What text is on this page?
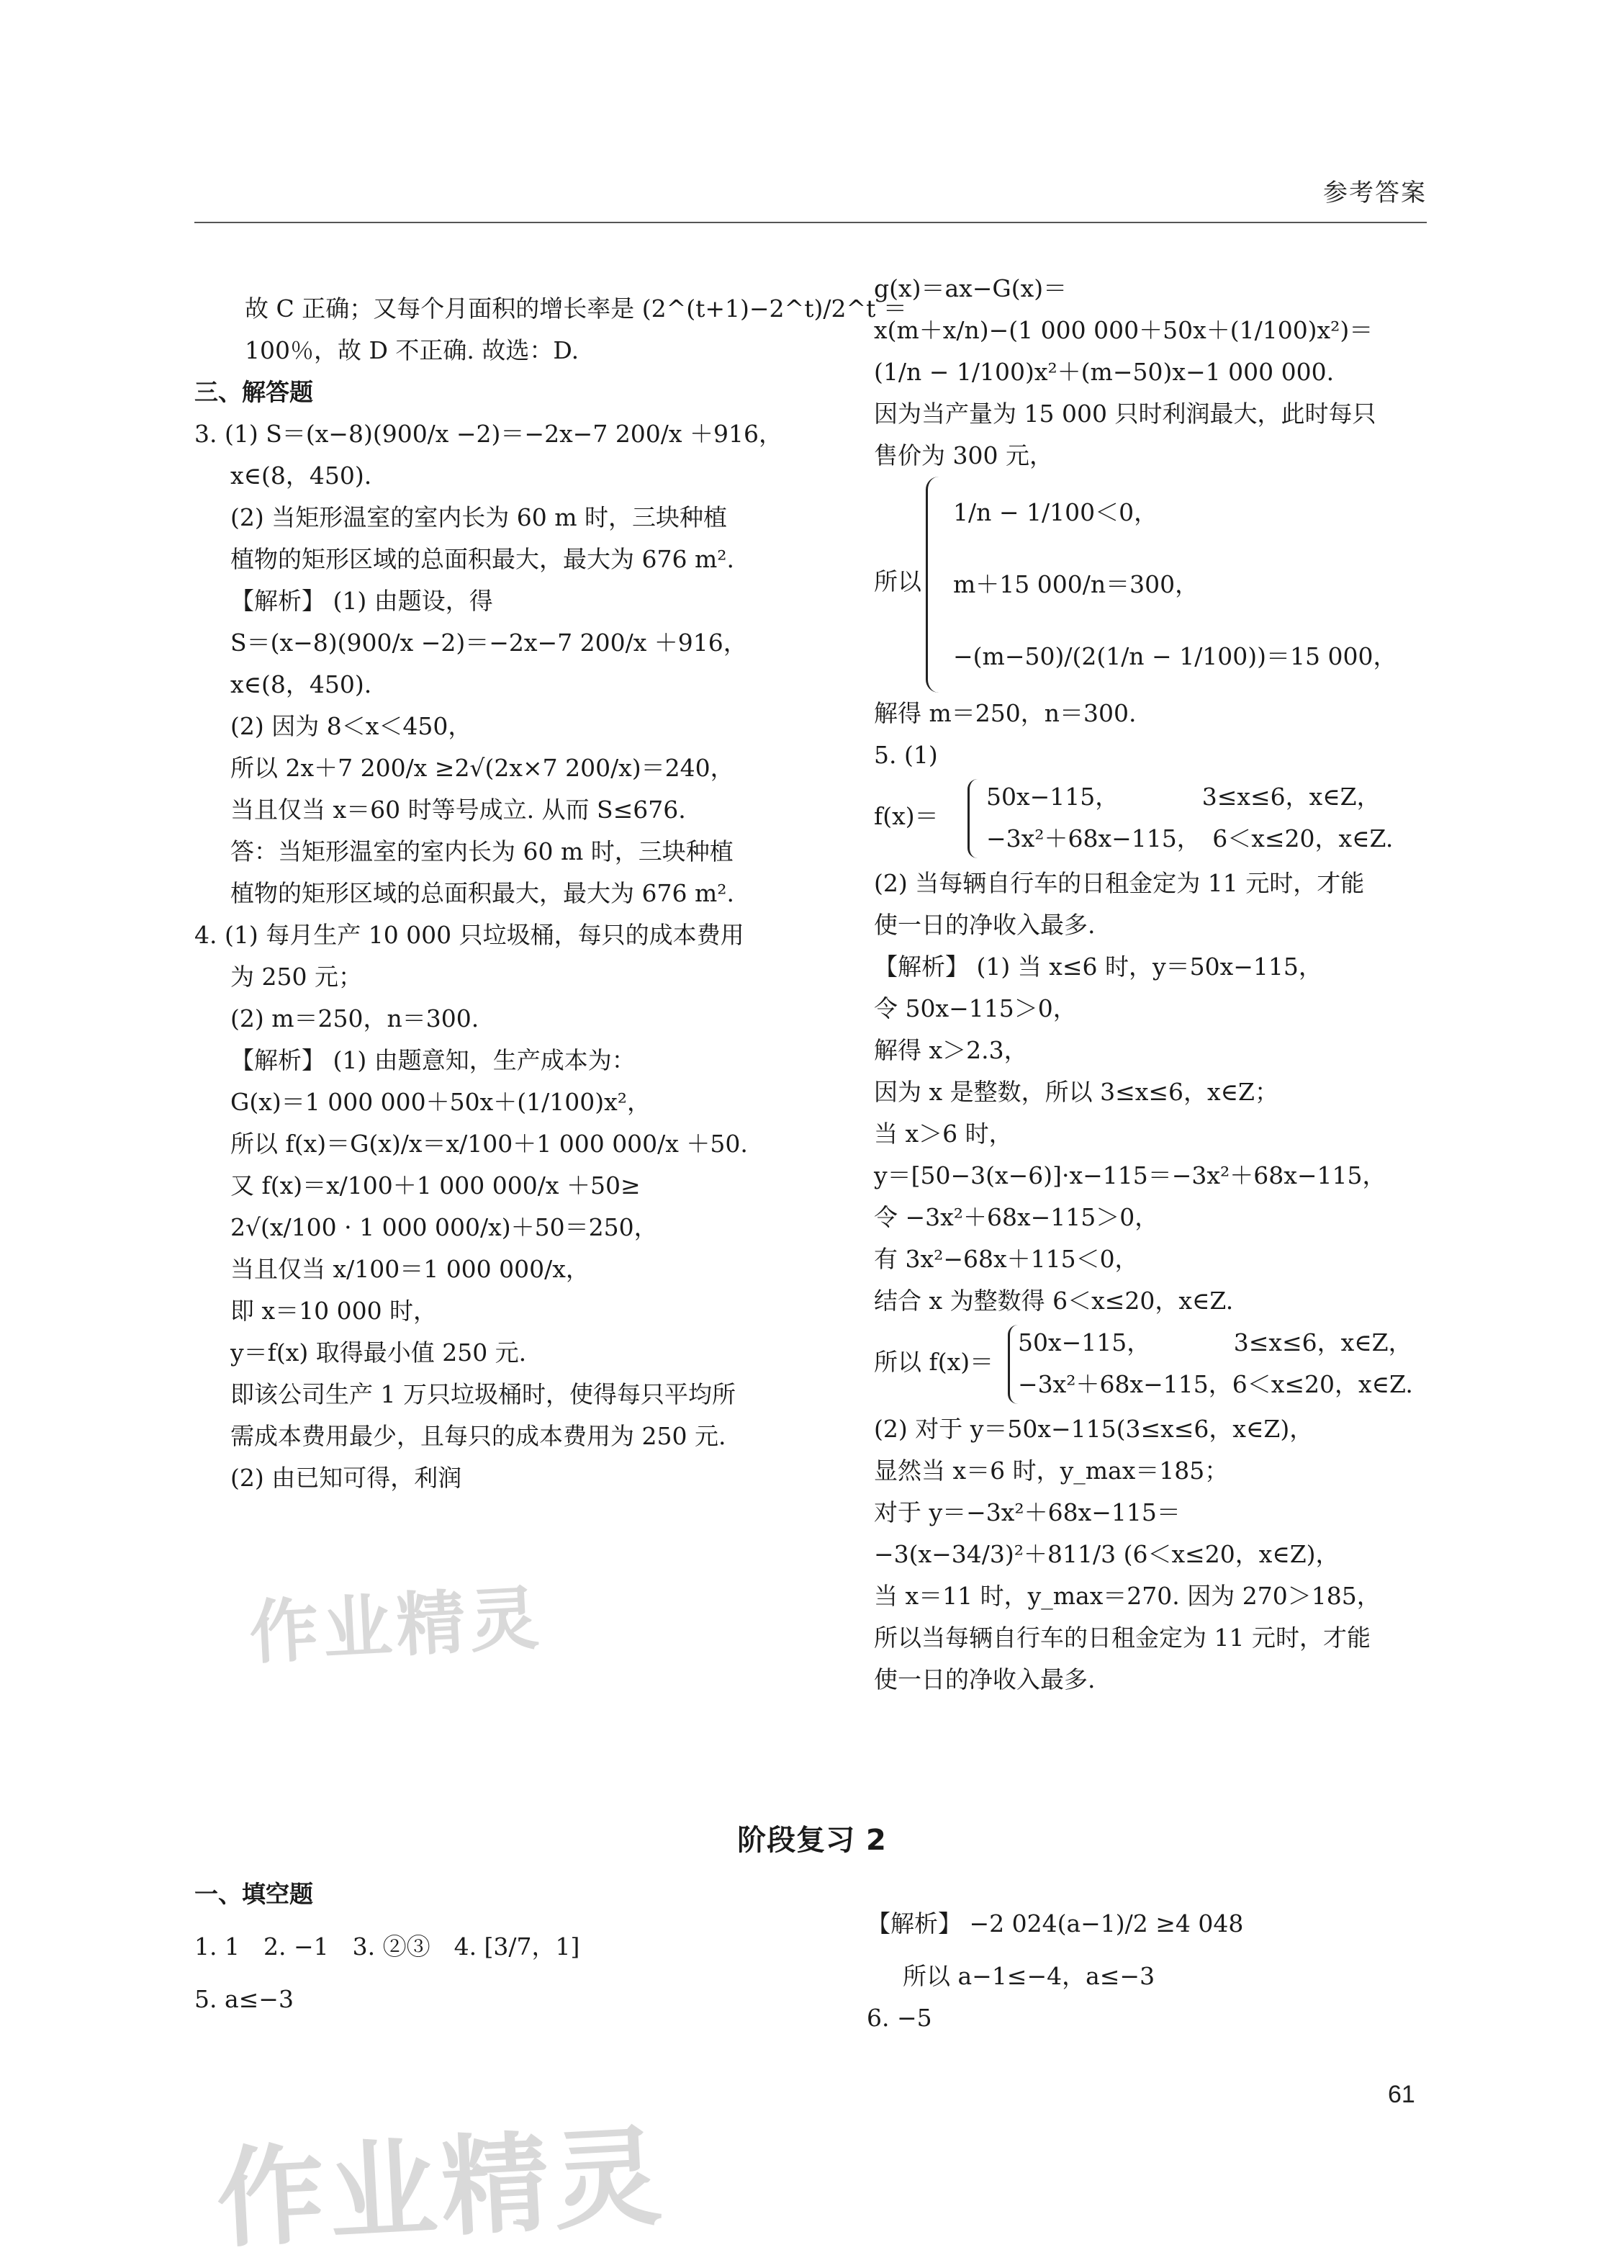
参考答案
故 C 正确；又每个月面积的增长率是 (2^(t+1)−2^t)/2^t ＝
100％，故 D 不正确. 故选：D.
三、解答题
3. (1) S＝(x−8)(900/x −2)＝−2x−7 200/x ＋916，
x∈(8，450).
(2) 当矩形温室的室内长为 60 m 时，三块种植
植物的矩形区域的总面积最大，最大为 676 m².
【解析】 (1) 由题设，得
S＝(x−8)(900/x −2)＝−2x−7 200/x ＋916，
x∈(8，450).
(2) 因为 8＜x＜450，
所以 2x＋7 200/x ≥2√(2x×7 200/x)＝240，
当且仅当 x＝60 时等号成立. 从而 S≤676.
答：当矩形温室的室内长为 60 m 时，三块种植
植物的矩形区域的总面积最大，最大为 676 m².
4. (1) 每月生产 10 000 只垃圾桶，每只的成本费用
为 250 元；
(2) m＝250，n＝300.
【解析】 (1) 由题意知，生产成本为：
G(x)＝1 000 000＋50x＋(1/100)x²，
所以 f(x)＝G(x)/x＝x/100＋1 000 000/x ＋50.
又 f(x)＝x/100＋1 000 000/x ＋50≥
2√(x/100 · 1 000 000/x)＋50＝250，
当且仅当 x/100＝1 000 000/x，
即 x＝10 000 时，
y＝f(x) 取得最小值 250 元.
即该公司生产 1 万只垃圾桶时，使得每只平均所
需成本费用最少，且每只的成本费用为 250 元.
(2) 由已知可得，利润
g(x)＝ax−G(x)＝
x(m＋x/n)−(1 000 000＋50x＋(1/100)x²)＝
(1/n − 1/100)x²＋(m−50)x−1 000 000.
因为当产量为 15 000 只时利润最大，此时每只
售价为 300 元，
所以
1/n − 1/100＜0，
m＋15 000/n＝300，
−(m−50)/(2(1/n − 1/100))＝15 000，
解得 m＝250，n＝300.
5. (1)
f(x)＝
50x−115，　　　　3≤x≤6，x∈Z，
−3x²＋68x−115，　6＜x≤20，x∈Z.
(2) 当每辆自行车的日租金定为 11 元时，才能
使一日的净收入最多.
【解析】 (1) 当 x≤6 时，y＝50x−115，
令 50x−115＞0，
解得 x＞2.3，
因为 x 是整数，所以 3≤x≤6，x∈Z；
当 x＞6 时，
y＝[50−3(x−6)]·x−115＝−3x²＋68x−115，
令 −3x²＋68x−115＞0，
有 3x²−68x＋115＜0，
结合 x 为整数得 6＜x≤20，x∈Z.
所以 f(x)＝
50x−115，　　　　3≤x≤6，x∈Z，
−3x²＋68x−115，6＜x≤20，x∈Z.
(2) 对于 y＝50x−115(3≤x≤6，x∈Z)，
显然当 x＝6 时，y_max＝185；
对于 y＝−3x²＋68x−115＝
−3(x−34/3)²＋811/3 (6＜x≤20，x∈Z)，
当 x＝11 时，y_max＝270. 因为 270＞185，
所以当每辆自行车的日租金定为 11 元时，才能
使一日的净收入最多.
阶段复习 2
一、填空题
1. 1　2. −1　3. ②③　4. [3/7，1]
5. a≤−3
【解析】 −2 024(a−1)/2 ≥4 048
所以 a−1≤−4，a≤−3
6. −5
61
作业精灵
作业精灵
